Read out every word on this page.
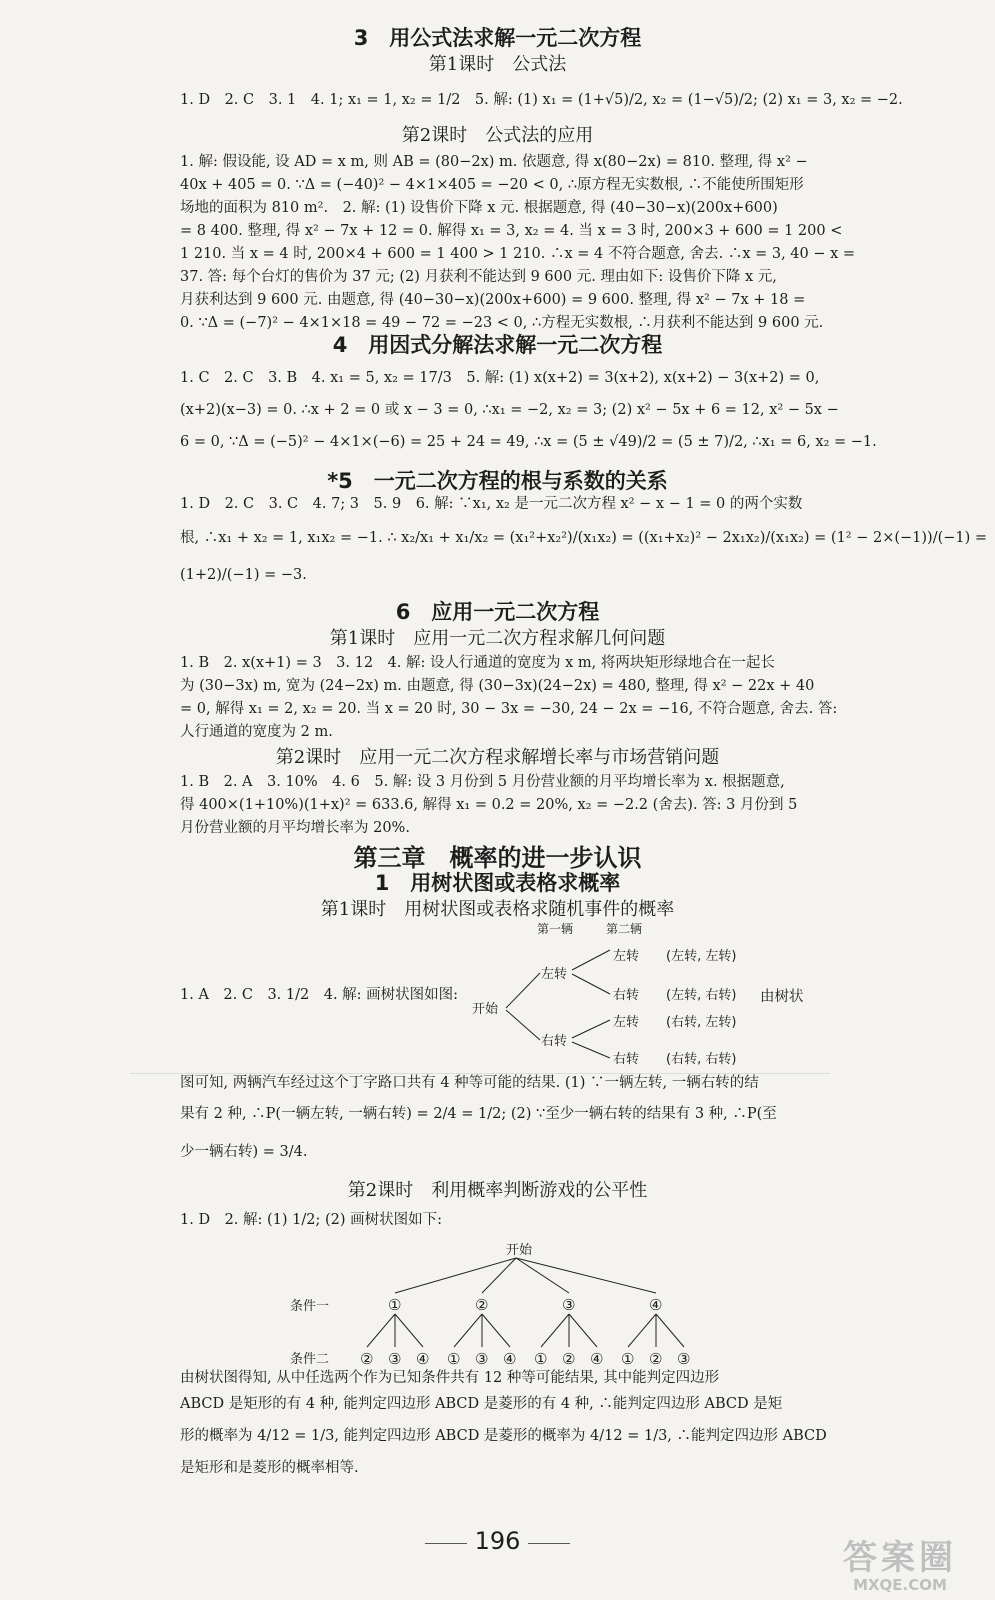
3　用公式法求解一元二次方程
第1课时　公式法
1. D　2. C　3. 1　4. 1; x₁ = 1, x₂ = 1/2　5. 解: (1) x₁ = (1+√5)/2, x₂ = (1−√5)/2; (2) x₁ = 3, x₂ = −2.
第2课时　公式法的应用
1. 解: 假设能, 设 AD = x m, 则 AB = (80−2x) m. 依题意, 得 x(80−2x) = 810. 整理, 得 x² −
40x + 405 = 0. ∵Δ = (−40)² − 4×1×405 = −20 < 0, ∴原方程无实数根, ∴不能使所围矩形
场地的面积为 810 m².　2. 解: (1) 设售价下降 x 元. 根据题意, 得 (40−30−x)(200x+600)
= 8 400. 整理, 得 x² − 7x + 12 = 0. 解得 x₁ = 3, x₂ = 4. 当 x = 3 时, 200×3 + 600 = 1 200 <
1 210. 当 x = 4 时, 200×4 + 600 = 1 400 > 1 210. ∴x = 4 不符合题意, 舍去. ∴x = 3, 40 − x =
37. 答: 每个台灯的售价为 37 元; (2) 月获利不能达到 9 600 元. 理由如下: 设售价下降 x 元,
月获利达到 9 600 元. 由题意, 得 (40−30−x)(200x+600) = 9 600. 整理, 得 x² − 7x + 18 =
0. ∵Δ = (−7)² − 4×1×18 = 49 − 72 = −23 < 0, ∴方程无实数根, ∴月获利不能达到 9 600 元.
4　用因式分解法求解一元二次方程
1. C　2. C　3. B　4. x₁ = 5, x₂ = 17/3　5. 解: (1) x(x+2) = 3(x+2), x(x+2) − 3(x+2) = 0,
(x+2)(x−3) = 0. ∴x + 2 = 0 或 x − 3 = 0, ∴x₁ = −2, x₂ = 3; (2) x² − 5x + 6 = 12, x² − 5x −
6 = 0, ∵Δ = (−5)² − 4×1×(−6) = 25 + 24 = 49, ∴x = (5 ± √49)/2 = (5 ± 7)/2, ∴x₁ = 6, x₂ = −1.
*5　一元二次方程的根与系数的关系
1. D　2. C　3. C　4. 7; 3　5. 9　6. 解: ∵x₁, x₂ 是一元二次方程 x² − x − 1 = 0 的两个实数
根, ∴x₁ + x₂ = 1, x₁x₂ = −1. ∴ x₂/x₁ + x₁/x₂ = (x₁²+x₂²)/(x₁x₂) = ((x₁+x₂)² − 2x₁x₂)/(x₁x₂) = (1² − 2×(−1))/(−1) =
(1+2)/(−1) = −3.
6　应用一元二次方程
第1课时　应用一元二次方程求解几何问题
1. B　2. x(x+1) = 3　3. 12　4. 解: 设人行通道的宽度为 x m, 将两块矩形绿地合在一起长
为 (30−3x) m, 宽为 (24−2x) m. 由题意, 得 (30−3x)(24−2x) = 480, 整理, 得 x² − 22x + 40
= 0, 解得 x₁ = 2, x₂ = 20. 当 x = 20 时, 30 − 3x = −30, 24 − 2x = −16, 不符合题意, 舍去. 答:
人行通道的宽度为 2 m.
第2课时　应用一元二次方程求解增长率与市场营销问题
1. B　2. A　3. 10%　4. 6　5. 解: 设 3 月份到 5 月份营业额的月平均增长率为 x. 根据题意,
得 400×(1+10%)(1+x)² = 633.6, 解得 x₁ = 0.2 = 20%, x₂ = −2.2 (舍去). 答: 3 月份到 5
月份营业额的月平均增长率为 20%.
第三章　概率的进一步认识
1　用树状图或表格求概率
第1课时　用树状图或表格求随机事件的概率
第一辆	第二辆
开始
左转
右转
左转
右转
左转
右转
(左转, 左转)
(左转, 右转)
(右转, 左转)
(右转, 右转)
1. A　2. C　3. 1/2　4. 解: 画树状图如图:	由树状
图可知, 两辆汽车经过这个丁字路口共有 4 种等可能的结果. (1) ∵一辆左转, 一辆右转的结
果有 2 种, ∴P(一辆左转, 一辆右转) = 2/4 = 1/2; (2) ∵至少一辆右转的结果有 3 种, ∴P(至
少一辆右转) = 3/4.
第2课时　利用概率判断游戏的公平性
1. D　2. 解: (1) 1/2; (2) 画树状图如下:
开始
条件一
条件二
①	②	③	④
② ③ ④ ① ③ ④ ① ② ④ ① ② ③
由树状图得知, 从中任选两个作为已知条件共有 12 种等可能结果, 其中能判定四边形
ABCD 是矩形的有 4 种, 能判定四边形 ABCD 是菱形的有 4 种, ∴能判定四边形 ABCD 是矩
形的概率为 4/12 = 1/3, 能判定四边形 ABCD 是菱形的概率为 4/12 = 1/3, ∴能判定四边形 ABCD
是矩形和是菱形的概率相等.
196	答案圈
MXQE.COM
